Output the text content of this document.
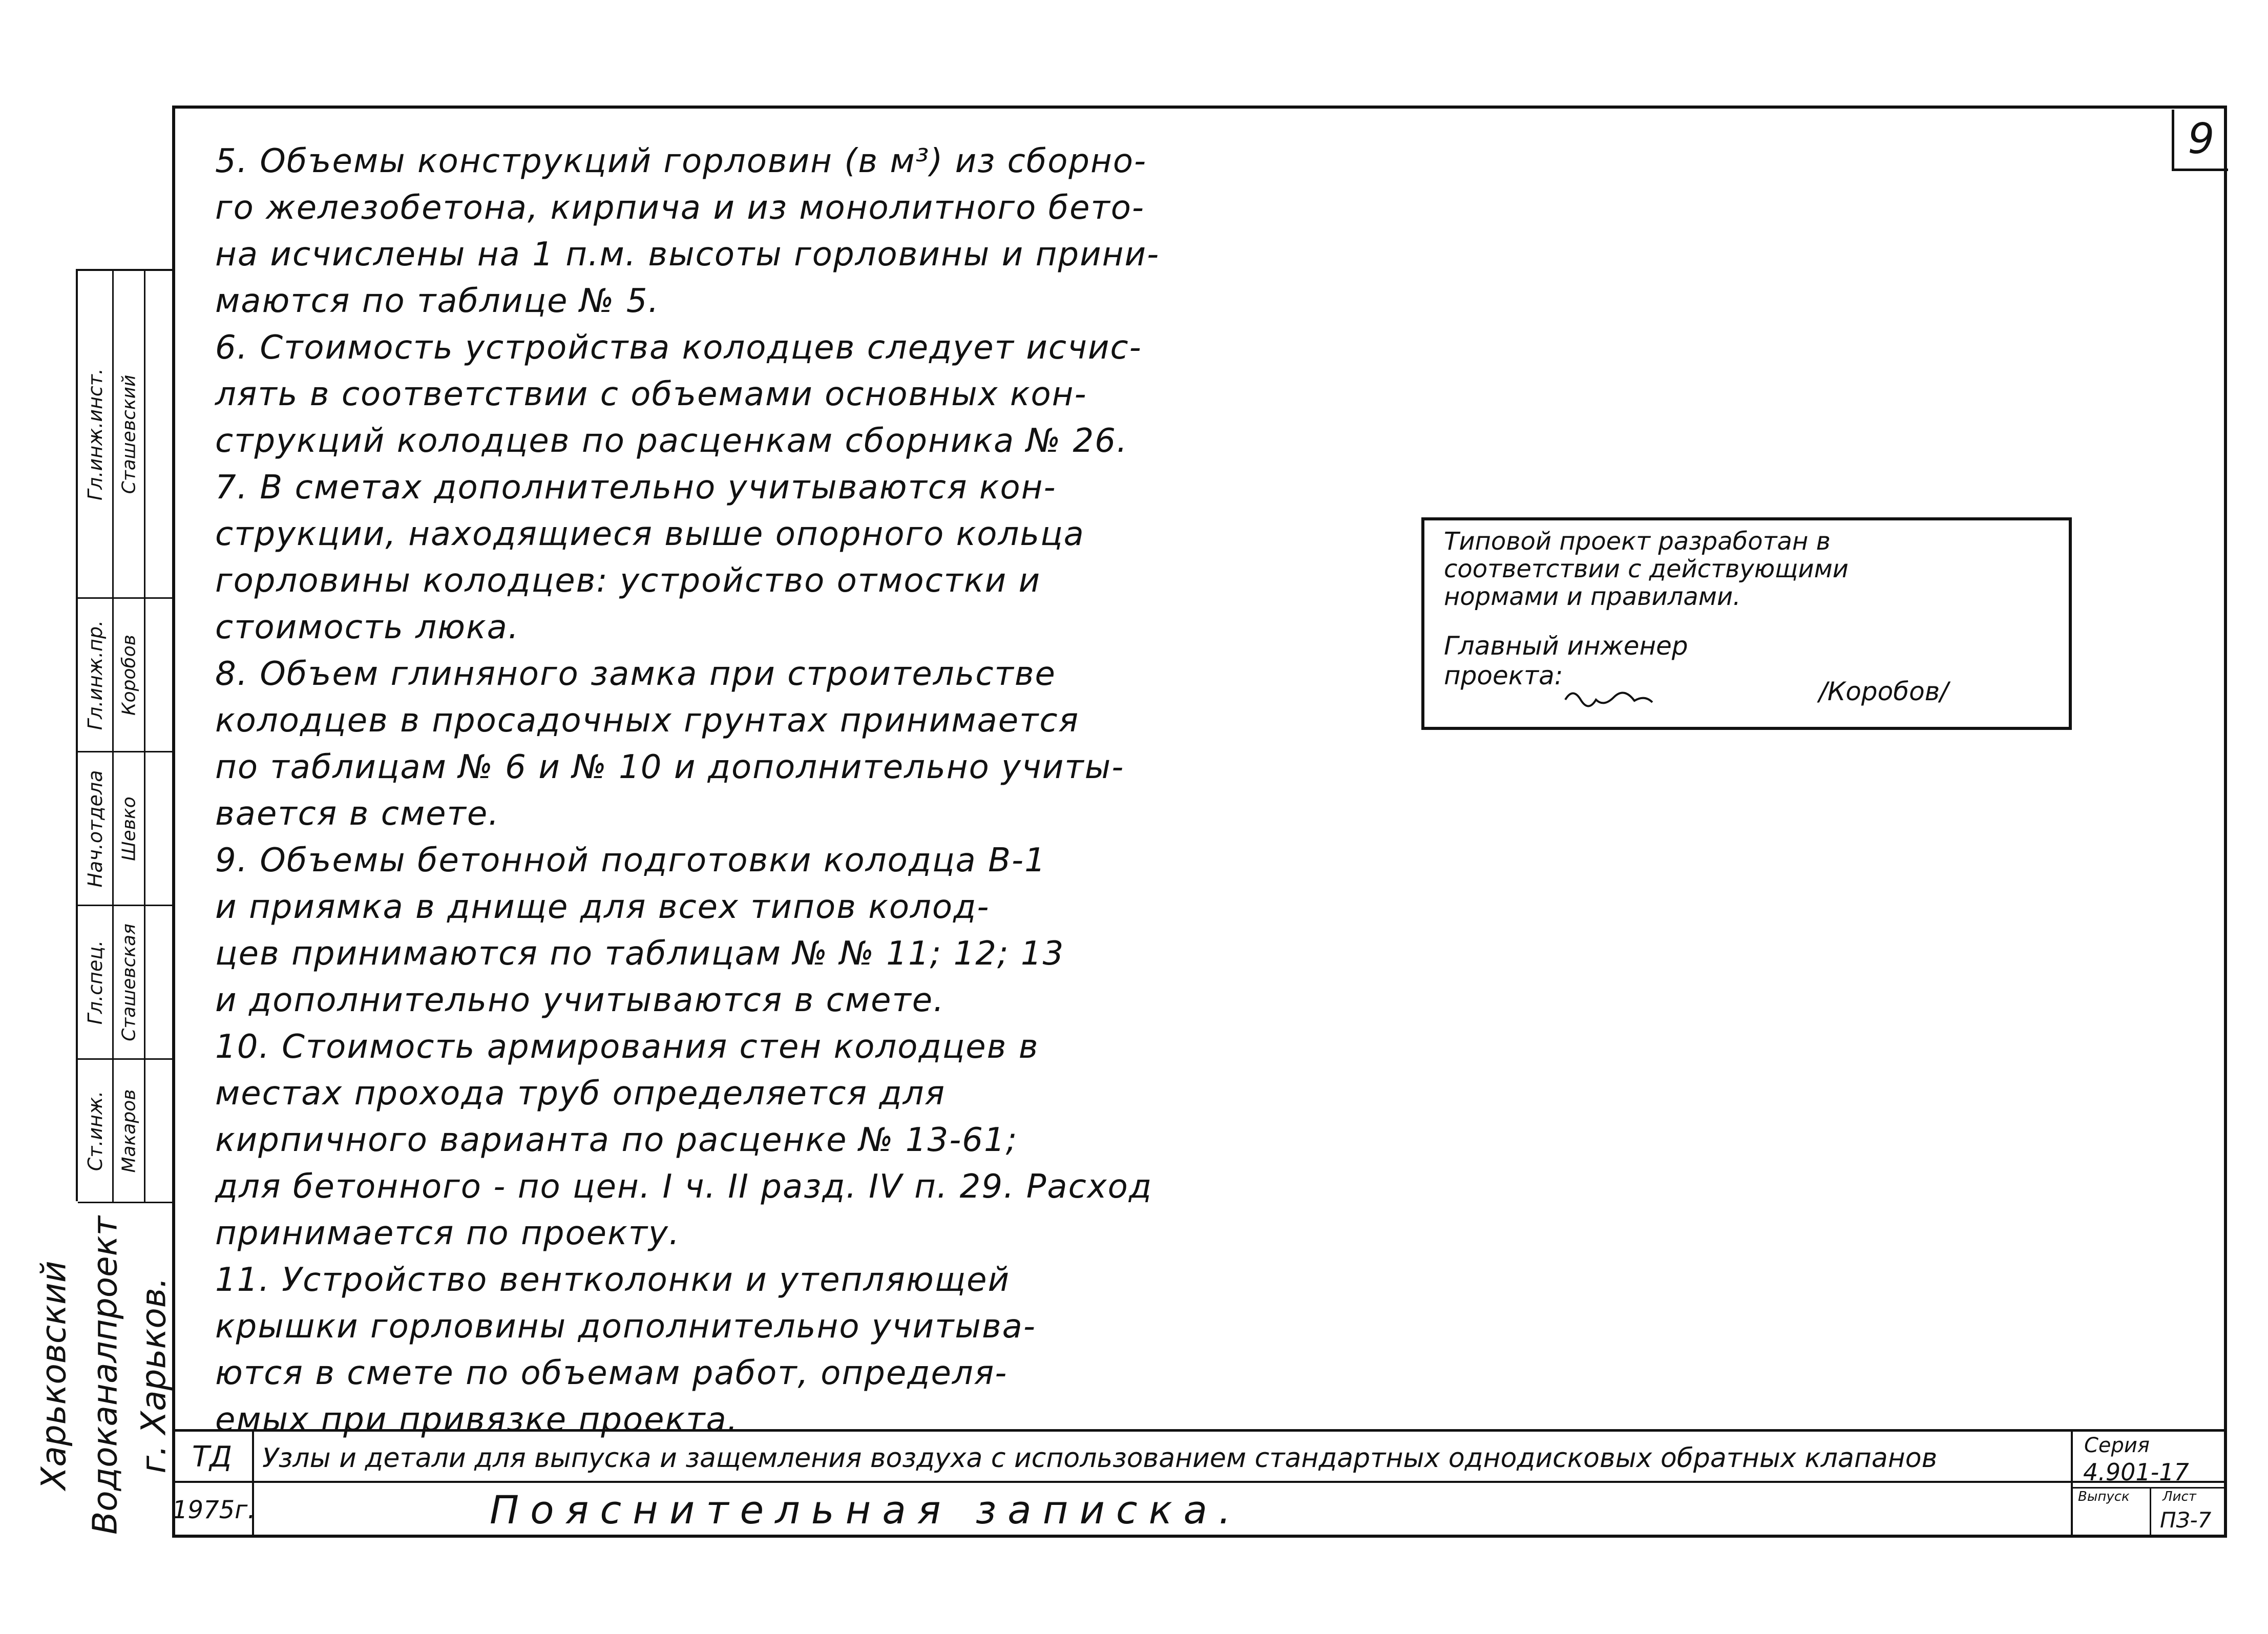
9

5. Объемы конструкций горловин (в м³) из сборно-
го железобетона, кирпича и из монолитного бето-
на исчислены на 1 п.м. высоты горловины и прини-
маются по таблице № 5.

6. Стоимость устройства колодцев следует исчис-
лять в соответствии с объемами основных кон-
струкций колодцев по расценкам сборника № 26.

7. В сметах дополнительно учитываются кон-
струкции, находящиеся выше опорного кольца
горловины колодцев: устройство отмостки и
стоимость люка.

8. Объем глиняного замка при строительстве
колодцев в просадочных грунтах принимается
по таблицам № 6 и № 10 и дополнительно учиты-
вается в смете.

9. Объемы бетонной подготовки колодца В-1
и приямка в днище для всех типов колод-
цев принимаются по таблицам № № 11; 12; 13
и дополнительно учитываются в смете.

10. Стоимость армирования стен колодцев в
местах прохода труб определяется для
кирпичного варианта по расценке № 13-61;
для бетонного - по цен. I ч. II разд. IV п. 29. Расход
принимается по проекту.

11. Устройство вентколонки и утепляющей
крышки горловины дополнительно учитыва-
ются в смете по объемам работ, определя-
емых при привязке проекта.

Типовой проект разработан в
соответствии с действующими
нормами и правилами.

Главный инженер
проекта:

/Коробов/
Гл.инж.инст.
Гл.инж.пр.
Нач.отдела
Гл.спец.
Ст.инж.
Сташевский
Коробов
Шевко
Сташевская
Макаров
Харьковский Водоканалпроект г. Харьков. ТД	Узлы и детали для выпуска и защемления воздуха с использованием стандартных однодисковых обратных клапанов
1975г.	Пояснительная записка.
Серия
4.901-17
Выпуск Лист
ПЗ-7
